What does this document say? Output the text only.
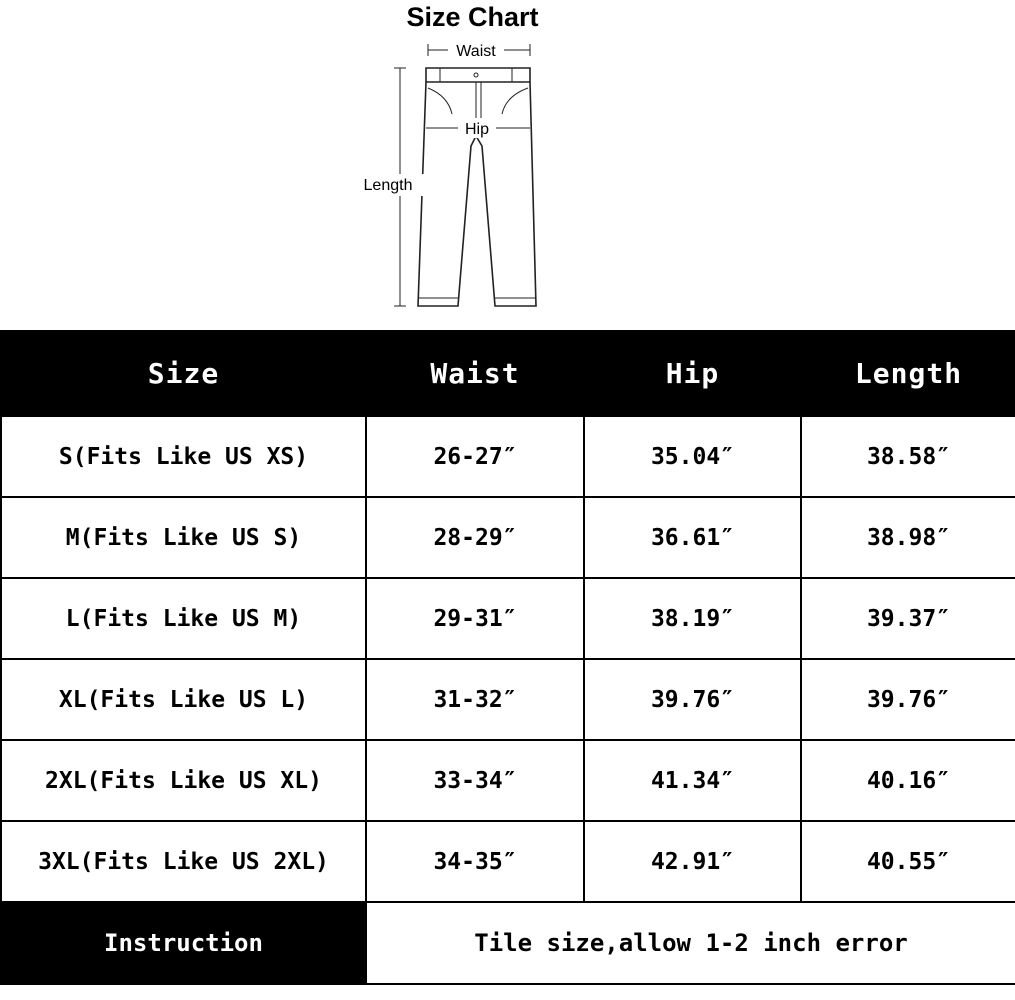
Size Chart
Waist
Hip
Length
Size	Waist	Hip	Length
S(Fits Like US XS)	26-27″	35.04″	38.58″
M(Fits Like US S)	28-29″	36.61″	38.98″
L(Fits Like US M)	29-31″	38.19″	39.37″
XL(Fits Like US L)	31-32″	39.76″	39.76″
2XL(Fits Like US XL)	33-34″	41.34″	40.16″
3XL(Fits Like US 2XL)	34-35″	42.91″	40.55″
Instruction	Tile size,allow 1-2 inch error		
